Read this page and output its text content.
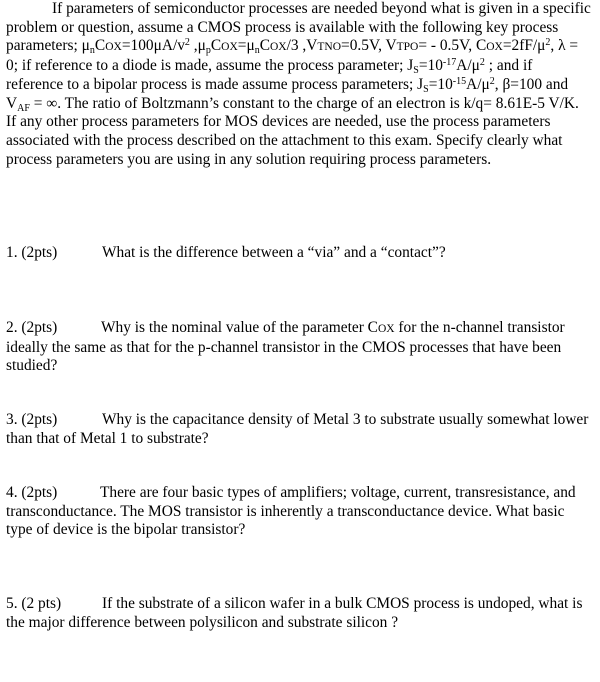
If parameters of semiconductor processes are needed beyond what is given in a specific problem or question, assume a CMOS process is available with the following key process parameters; $\mu_nCOX=100\mu A/v^2$ $,\mu_pCOX=\mu_nCOX/3$ ,VTNO=0.5V, VTPO= - 0.5V, $COX=2fF/\mu^2$, λ = 0; if reference to a diode is made, assume the process parameter; $J_S=10^{-17}A/\mu^2$ ; and if reference to a bipolar process is made assume process parameters; $J_S=10^{-15}A/\mu^2$, β=100 and $V_{AF}$ = ∞. The ratio of Boltzmann’s constant to the charge of an electron is k/q= 8.61E-5 V/K. If any other process parameters for MOS devices are needed, use the process parameters associated with the process described on the attachment to this exam. Specify clearly what process parameters you are using in any solution requiring process parameters.
1. (2pts)	What is the difference between a “via” and a “contact”?
2. (2pts)	Why is the nominal value of the parameter COX for the n-channel transistor ideally the same as that for the p-channel transistor in the CMOS processes that have been studied?
3. (2pts)	Why is the capacitance density of Metal 3 to substrate usually somewhat lower than that of Metal 1 to substrate?
4. (2pts)	There are four basic types of amplifiers; voltage, current, transresistance, and transconductance. The MOS transistor is inherently a transconductance device. What basic type of device is the bipolar transistor?
5. (2 pts)	If the substrate of a silicon wafer in a bulk CMOS process is undoped, what is the major difference between polysilicon and substrate silicon ?
